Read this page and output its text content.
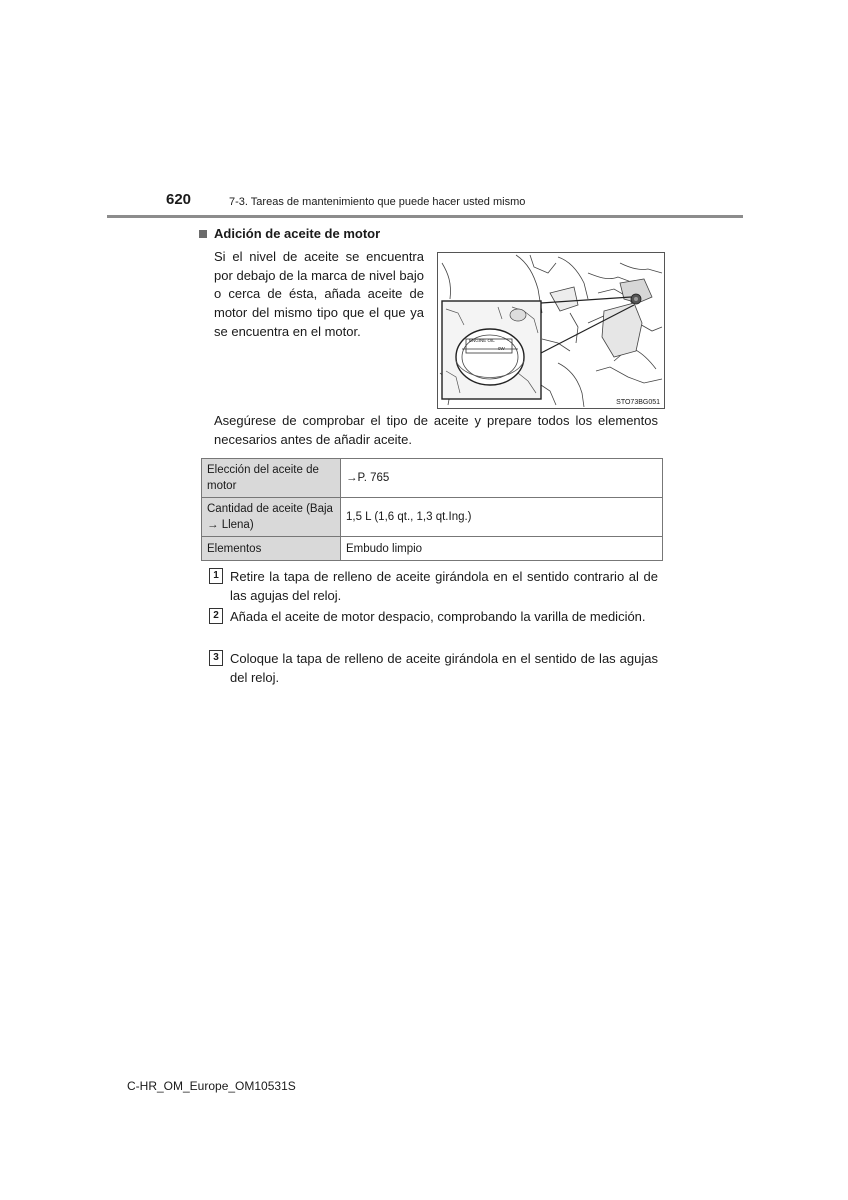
620	7-3. Tareas de mantenimiento que puede hacer usted mismo
Adición de aceite de motor

Si el nivel de aceite se encuentra por debajo de la marca de nivel bajo o cerca de ésta, añada aceite de motor del mismo tipo que el que ya se encuentra en el motor.

ENGINE OIL
0W
STO73BG051

Asegúrese de comprobar el tipo de aceite y prepare todos los elementos necesarios antes de añadir aceite.

Elección del aceite de motor	→P. 765
Cantidad de aceite (Baja → Llena)	1,5 L (1,6 qt., 1,3 qt.Ing.)
Elementos	Embudo limpio
1 Retire la tapa de relleno de aceite girándola en el sentido contrario al de las agujas del reloj.
2 Añada el aceite de motor despacio, comprobando la varilla de medición.
3 Coloque la tapa de relleno de aceite girándola en el sentido de las agujas del reloj.
C-HR_OM_Europe_OM10531S
